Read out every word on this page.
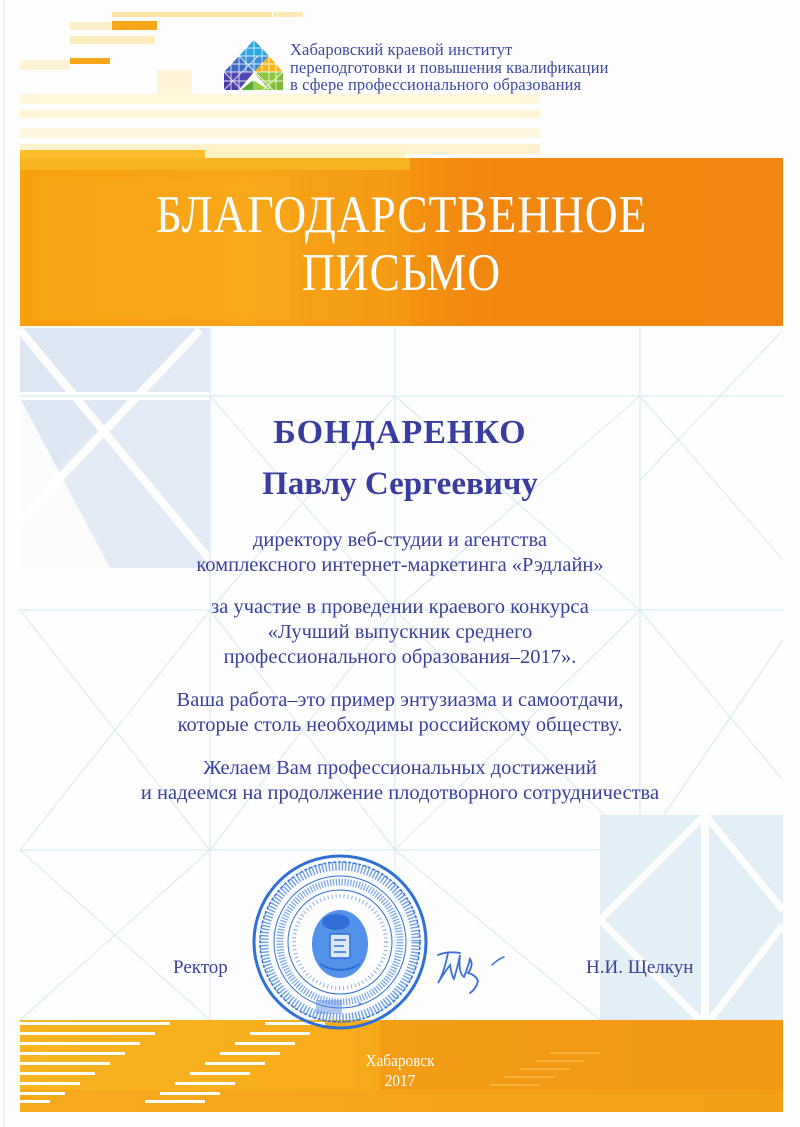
Хабаровский краевой институт
переподготовки и повышения квалификации
в сфере профессионального образования
БЛАГОДАРСТВЕННОЕ
ПИСЬМО
БОНДАРЕНКО
Павлу Сергеевичу
директору веб-студии и агентства
комплексного интернет-маркетинга «Рэдлайн»
за участие в проведении краевого конкурса
«Лучший выпускник среднего
профессионального образования–2017».
Ваша работа–это пример энтузиазма и самоотдачи,
которые столь необходимы российскому обществу.
Желаем Вам профессиональных достижений
и надеемся на продолжение плодотворного сотрудничества
Ректор
*
Н.И. Щелкун
Хабаровск
2017
